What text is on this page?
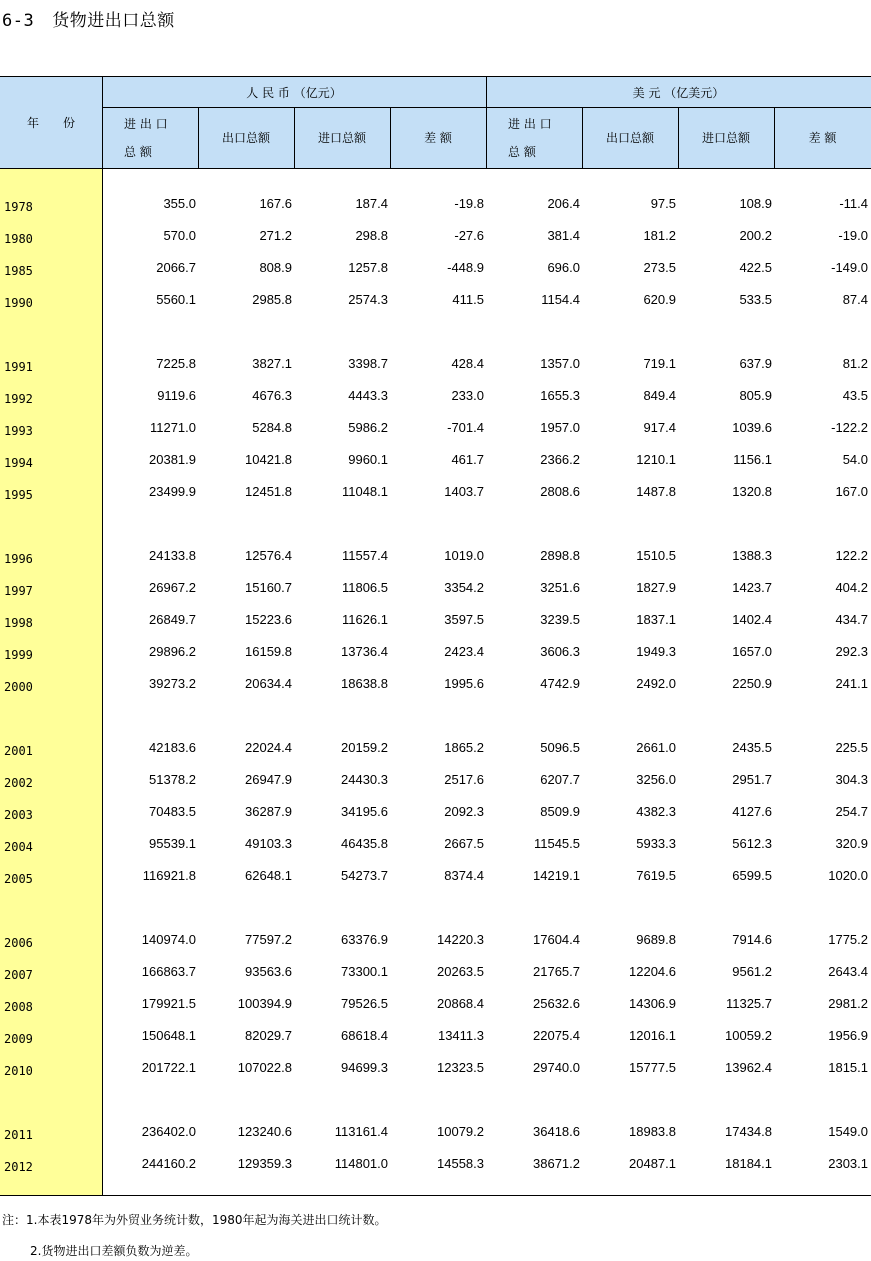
6-3 货物进出口总额
年　　份
人 民 币 （亿元）	美 元 （亿美元）
进 出 口
总 额
出口总额	进口总额	差 额
进 出 口
总 额
出口总额	进口总额	差 额
1978	355.0	167.6	187.4	-19.8	206.4	97.5	108.9	-11.4
1980	570.0	271.2	298.8	-27.6	381.4	181.2	200.2	-19.0
1985	2066.7	808.9	1257.8	-448.9	696.0	273.5	422.5	-149.0
1990	5560.1	2985.8	2574.3	411.5	1154.4	620.9	533.5	87.4
1991	7225.8	3827.1	3398.7	428.4	1357.0	719.1	637.9	81.2
1992	9119.6	4676.3	4443.3	233.0	1655.3	849.4	805.9	43.5
1993	11271.0	5284.8	5986.2	-701.4	1957.0	917.4	1039.6	-122.2
1994	20381.9	10421.8	9960.1	461.7	2366.2	1210.1	1156.1	54.0
1995	23499.9	12451.8	11048.1	1403.7	2808.6	1487.8	1320.8	167.0
1996	24133.8	12576.4	11557.4	1019.0	2898.8	1510.5	1388.3	122.2
1997	26967.2	15160.7	11806.5	3354.2	3251.6	1827.9	1423.7	404.2
1998	26849.7	15223.6	11626.1	3597.5	3239.5	1837.1	1402.4	434.7
1999	29896.2	16159.8	13736.4	2423.4	3606.3	1949.3	1657.0	292.3
2000	39273.2	20634.4	18638.8	1995.6	4742.9	2492.0	2250.9	241.1
2001	42183.6	22024.4	20159.2	1865.2	5096.5	2661.0	2435.5	225.5
2002	51378.2	26947.9	24430.3	2517.6	6207.7	3256.0	2951.7	304.3
2003	70483.5	36287.9	34195.6	2092.3	8509.9	4382.3	4127.6	254.7
2004	95539.1	49103.3	46435.8	2667.5	11545.5	5933.3	5612.3	320.9
2005	116921.8	62648.1	54273.7	8374.4	14219.1	7619.5	6599.5	1020.0
2006	140974.0	77597.2	63376.9	14220.3	17604.4	9689.8	7914.6	1775.2
2007	166863.7	93563.6	73300.1	20263.5	21765.7	12204.6	9561.2	2643.4
2008	179921.5	100394.9	79526.5	20868.4	25632.6	14306.9	11325.7	2981.2
2009	150648.1	82029.7	68618.4	13411.3	22075.4	12016.1	10059.2	1956.9
2010	201722.1	107022.8	94699.3	12323.5	29740.0	15777.5	13962.4	1815.1
2011	236402.0	123240.6	113161.4	10079.2	36418.6	18983.8	17434.8	1549.0
2012	244160.2	129359.3	114801.0	14558.3	38671.2	20487.1	18184.1	2303.1
注：1.本表1978年为外贸业务统计数，1980年起为海关进出口统计数。
2.货物进出口差额负数为逆差。
